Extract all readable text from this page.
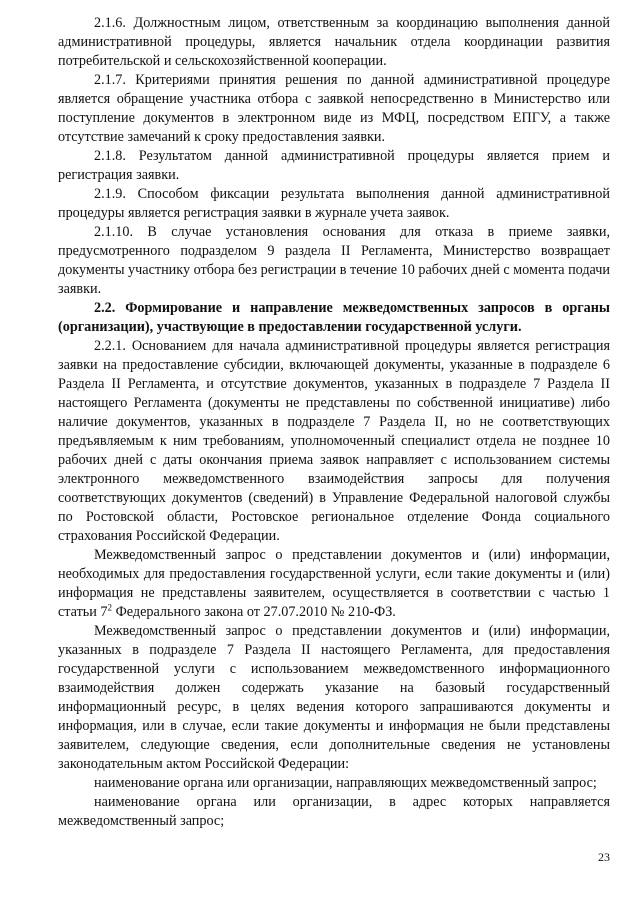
2.1.6. Должностным лицом, ответственным за координацию выполнения данной административной процедуры, является начальник отдела координации развития потребительской и сельскохозяйственной кооперации.

2.1.7. Критериями принятия решения по данной административной процедуре является обращение участника отбора с заявкой непосредственно в Министерство или поступление документов в электронном виде из МФЦ, посредством ЕПГУ, а также отсутствие замечаний к сроку предоставления заявки.

2.1.8. Результатом данной административной процедуры является прием и регистрация заявки.

2.1.9. Способом фиксации результата выполнения данной административной процедуры является регистрация заявки в журнале учета заявок.

2.1.10. В случае установления основания для отказа в приеме заявки, предусмотренного подразделом 9 раздела II Регламента, Министерство возвращает документы участнику отбора без регистрации в течение 10 рабочих дней с момента подачи заявки.

2.2. Формирование и направление межведомственных запросов в органы (организации), участвующие в предоставлении государственной услуги.

2.2.1. Основанием для начала административной процедуры является регистрация заявки на предоставление субсидии, включающей документы, указанные в подразделе 6 Раздела II Регламента, и отсутствие документов, указанных в подразделе 7 Раздела II настоящего Регламента (документы не представлены по собственной инициативе) либо наличие документов, указанных в подразделе 7 Раздела II, но не соответствующих предъявляемым к ним требованиям, уполномоченный специалист отдела не позднее 10 рабочих дней с даты окончания приема заявок направляет с использованием системы электронного межведомственного взаимодействия запросы для получения соответствующих документов (сведений) в Управление Федеральной налоговой службы по Ростовской области, Ростовское региональное отделение Фонда социального страхования Российской Федерации.

Межведомственный запрос о представлении документов и (или) информации, необходимых для предоставления государственной услуги, если такие документы и (или) информация не представлены заявителем, осуществляется в соответствии с частью 1 статьи $7^2$ Федерального закона от 27.07.2010 № 210-ФЗ.

Межведомственный запрос о представлении документов и (или) информации, указанных в подразделе 7 Раздела II настоящего Регламента, для предоставления государственной услуги с использованием межведомственного информационного взаимодействия должен содержать указание на базовый государственный информационный ресурс, в целях ведения которого запрашиваются документы и информация, или в случае, если такие документы и информация не были представлены заявителем, следующие сведения, если дополнительные сведения не установлены законодательным актом Российской Федерации:

наименование органа или организации, направляющих межведомственный запрос;

наименование органа или организации, в адрес которых направляется межведомственный запрос;

23
